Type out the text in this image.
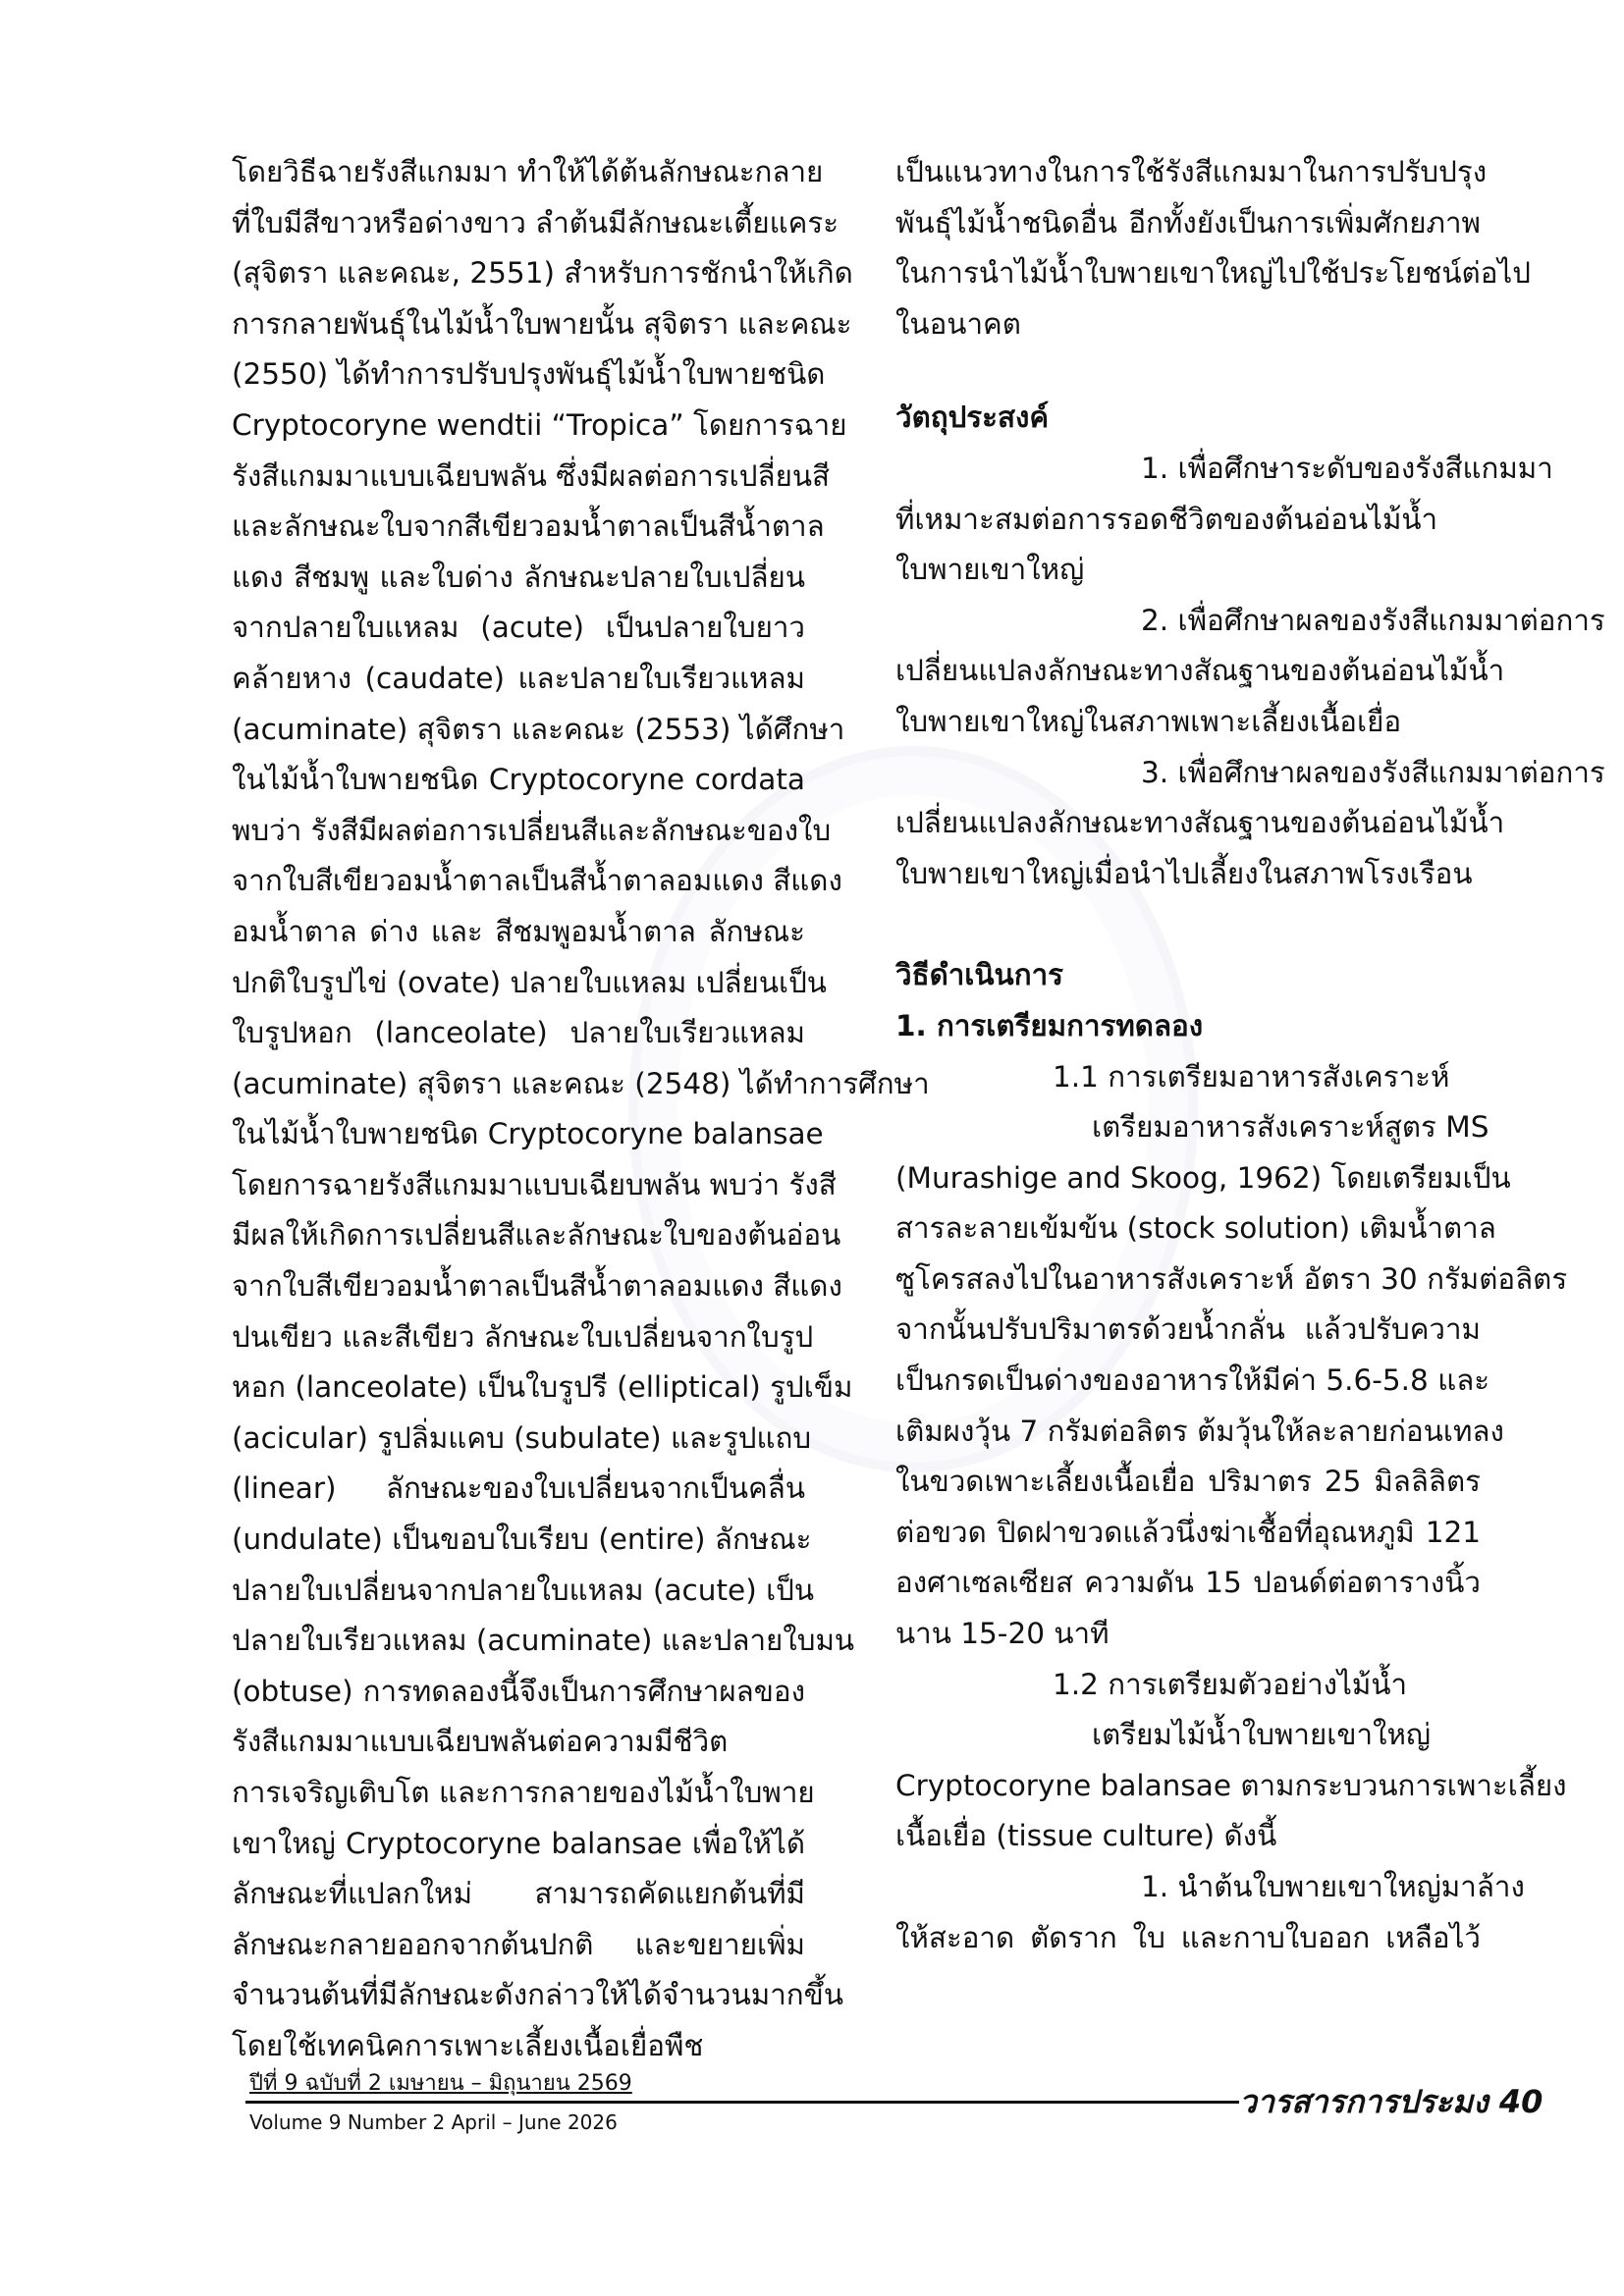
โดยวิธีฉายรังสีแกมมา ทำให้ได้ต้นลักษณะกลาย
ที่ใบมีสีขาวหรือด่างขาว ลำต้นมีลักษณะเตี้ยแคระ
(สุจิตรา และคณะ, 2551) สำหรับการชักนำให้เกิด
การกลายพันธุ์ในไม้น้ำใบพายนั้น สุจิตรา และคณะ
(2550) ได้ทำการปรับปรุงพันธุ์ไม้น้ำใบพายชนิด
Cryptocoryne wendtii “Tropica” โดยการฉาย
รังสีแกมมาแบบเฉียบพลัน ซึ่งมีผลต่อการเปลี่ยนสี
และลักษณะใบจากสีเขียวอมน้ำตาลเป็นสีน้ำตาล
แดง สีชมพู และใบด่าง ลักษณะปลายใบเปลี่ยน
จากปลายใบแหลม (acute) เป็นปลายใบยาว
คล้ายหาง (caudate) และปลายใบเรียวแหลม
(acuminate) สุจิตรา และคณะ (2553) ได้ศึกษา
ในไม้น้ำใบพายชนิด Cryptocoryne cordata
พบว่า รังสีมีผลต่อการเปลี่ยนสีและลักษณะของใบ
จากใบสีเขียวอมน้ำตาลเป็นสีน้ำตาลอมแดง สีแดง
อมน้ำตาล ด่าง และ สีชมพูอมน้ำตาล ลักษณะ
ปกติใบรูปไข่ (ovate) ปลายใบแหลม เปลี่ยนเป็น
ใบรูปหอก (lanceolate) ปลายใบเรียวแหลม
(acuminate) สุจิตรา และคณะ (2548) ได้ทำการศึกษา
ในไม้น้ำใบพายชนิด Cryptocoryne balansae
โดยการฉายรังสีแกมมาแบบเฉียบพลัน พบว่า รังสี
มีผลให้เกิดการเปลี่ยนสีและลักษณะใบของต้นอ่อน
จากใบสีเขียวอมน้ำตาลเป็นสีน้ำตาลอมแดง สีแดง
ปนเขียว และสีเขียว ลักษณะใบเปลี่ยนจากใบรูป
หอก (lanceolate) เป็นใบรูปรี (elliptical) รูปเข็ม
(acicular) รูปลิ่มแคบ (subulate) และรูปแถบ
(linear) ลักษณะของใบเปลี่ยนจากเป็นคลื่น
(undulate) เป็นขอบใบเรียบ (entire) ลักษณะ
ปลายใบเปลี่ยนจากปลายใบแหลม (acute) เป็น
ปลายใบเรียวแหลม (acuminate) และปลายใบมน
(obtuse) การทดลองนี้จึงเป็นการศึกษาผลของ
รังสีแกมมาแบบเฉียบพลันต่อความมีชีวิต
การเจริญเติบโต และการกลายของไม้น้ำใบพาย
เขาใหญ่ Cryptocoryne balansae เพื่อให้ได้
ลักษณะที่แปลกใหม่ สามารถคัดแยกต้นที่มี
ลักษณะกลายออกจากต้นปกติ และขยายเพิ่ม
จำนวนต้นที่มีลักษณะดังกล่าวให้ได้จำนวนมากขึ้น
โดยใช้เทคนิคการเพาะเลี้ยงเนื้อเยื่อพืช
เป็นแนวทางในการใช้รังสีแกมมาในการปรับปรุง
พันธุ์ไม้น้ำชนิดอื่น อีกทั้งยังเป็นการเพิ่มศักยภาพ
ในการนำไม้น้ำใบพายเขาใหญ่ไปใช้ประโยชน์ต่อไป
ในอนาคต
วัตถุประสงค์
1. เพื่อศึกษาระดับของรังสีแกมมา
ที่เหมาะสมต่อการรอดชีวิตของต้นอ่อนไม้น้ำ
ใบพายเขาใหญ่
2. เพื่อศึกษาผลของรังสีแกมมาต่อการ
เปลี่ยนแปลงลักษณะทางสัณฐานของต้นอ่อนไม้น้ำ
ใบพายเขาใหญ่ในสภาพเพาะเลี้ยงเนื้อเยื่อ
3. เพื่อศึกษาผลของรังสีแกมมาต่อการ
เปลี่ยนแปลงลักษณะทางสัณฐานของต้นอ่อนไม้น้ำ
ใบพายเขาใหญ่เมื่อนำไปเลี้ยงในสภาพโรงเรือน
วิธีดำเนินการ
1. การเตรียมการทดลอง
1.1 การเตรียมอาหารสังเคราะห์
เตรียมอาหารสังเคราะห์สูตร MS
(Murashige and Skoog, 1962) โดยเตรียมเป็น
สารละลายเข้มข้น (stock solution) เติมน้ำตาล
ซูโครสลงไปในอาหารสังเคราะห์ อัตรา 30 กรัมต่อลิตร
จากนั้นปรับปริมาตรด้วยน้ำกลั่น แล้วปรับความ
เป็นกรดเป็นด่างของอาหารให้มีค่า 5.6-5.8 และ
เติมผงวุ้น 7 กรัมต่อลิตร ต้มวุ้นให้ละลายก่อนเทลง
ในขวดเพาะเลี้ยงเนื้อเยื่อ ปริมาตร 25 มิลลิลิตร
ต่อขวด ปิดฝาขวดแล้วนึ่งฆ่าเชื้อที่อุณหภูมิ 121
องศาเซลเซียส ความดัน 15 ปอนด์ต่อตารางนิ้ว
นาน 15-20 นาที
1.2 การเตรียมตัวอย่างไม้น้ำ
เตรียมไม้น้ำใบพายเขาใหญ่
Cryptocoryne balansae ตามกระบวนการเพาะเลี้ยง
เนื้อเยื่อ (tissue culture) ดังนี้
1. นำต้นใบพายเขาใหญ่มาล้าง
ให้สะอาด ตัดราก ใบ และกาบใบออก เหลือไว้
ปีที่ 9 ฉบับที่ 2 เมษายน – มิถุนายน 2569
Volume 9 Number 2 April – June 2026
วารสารการประมง 40
